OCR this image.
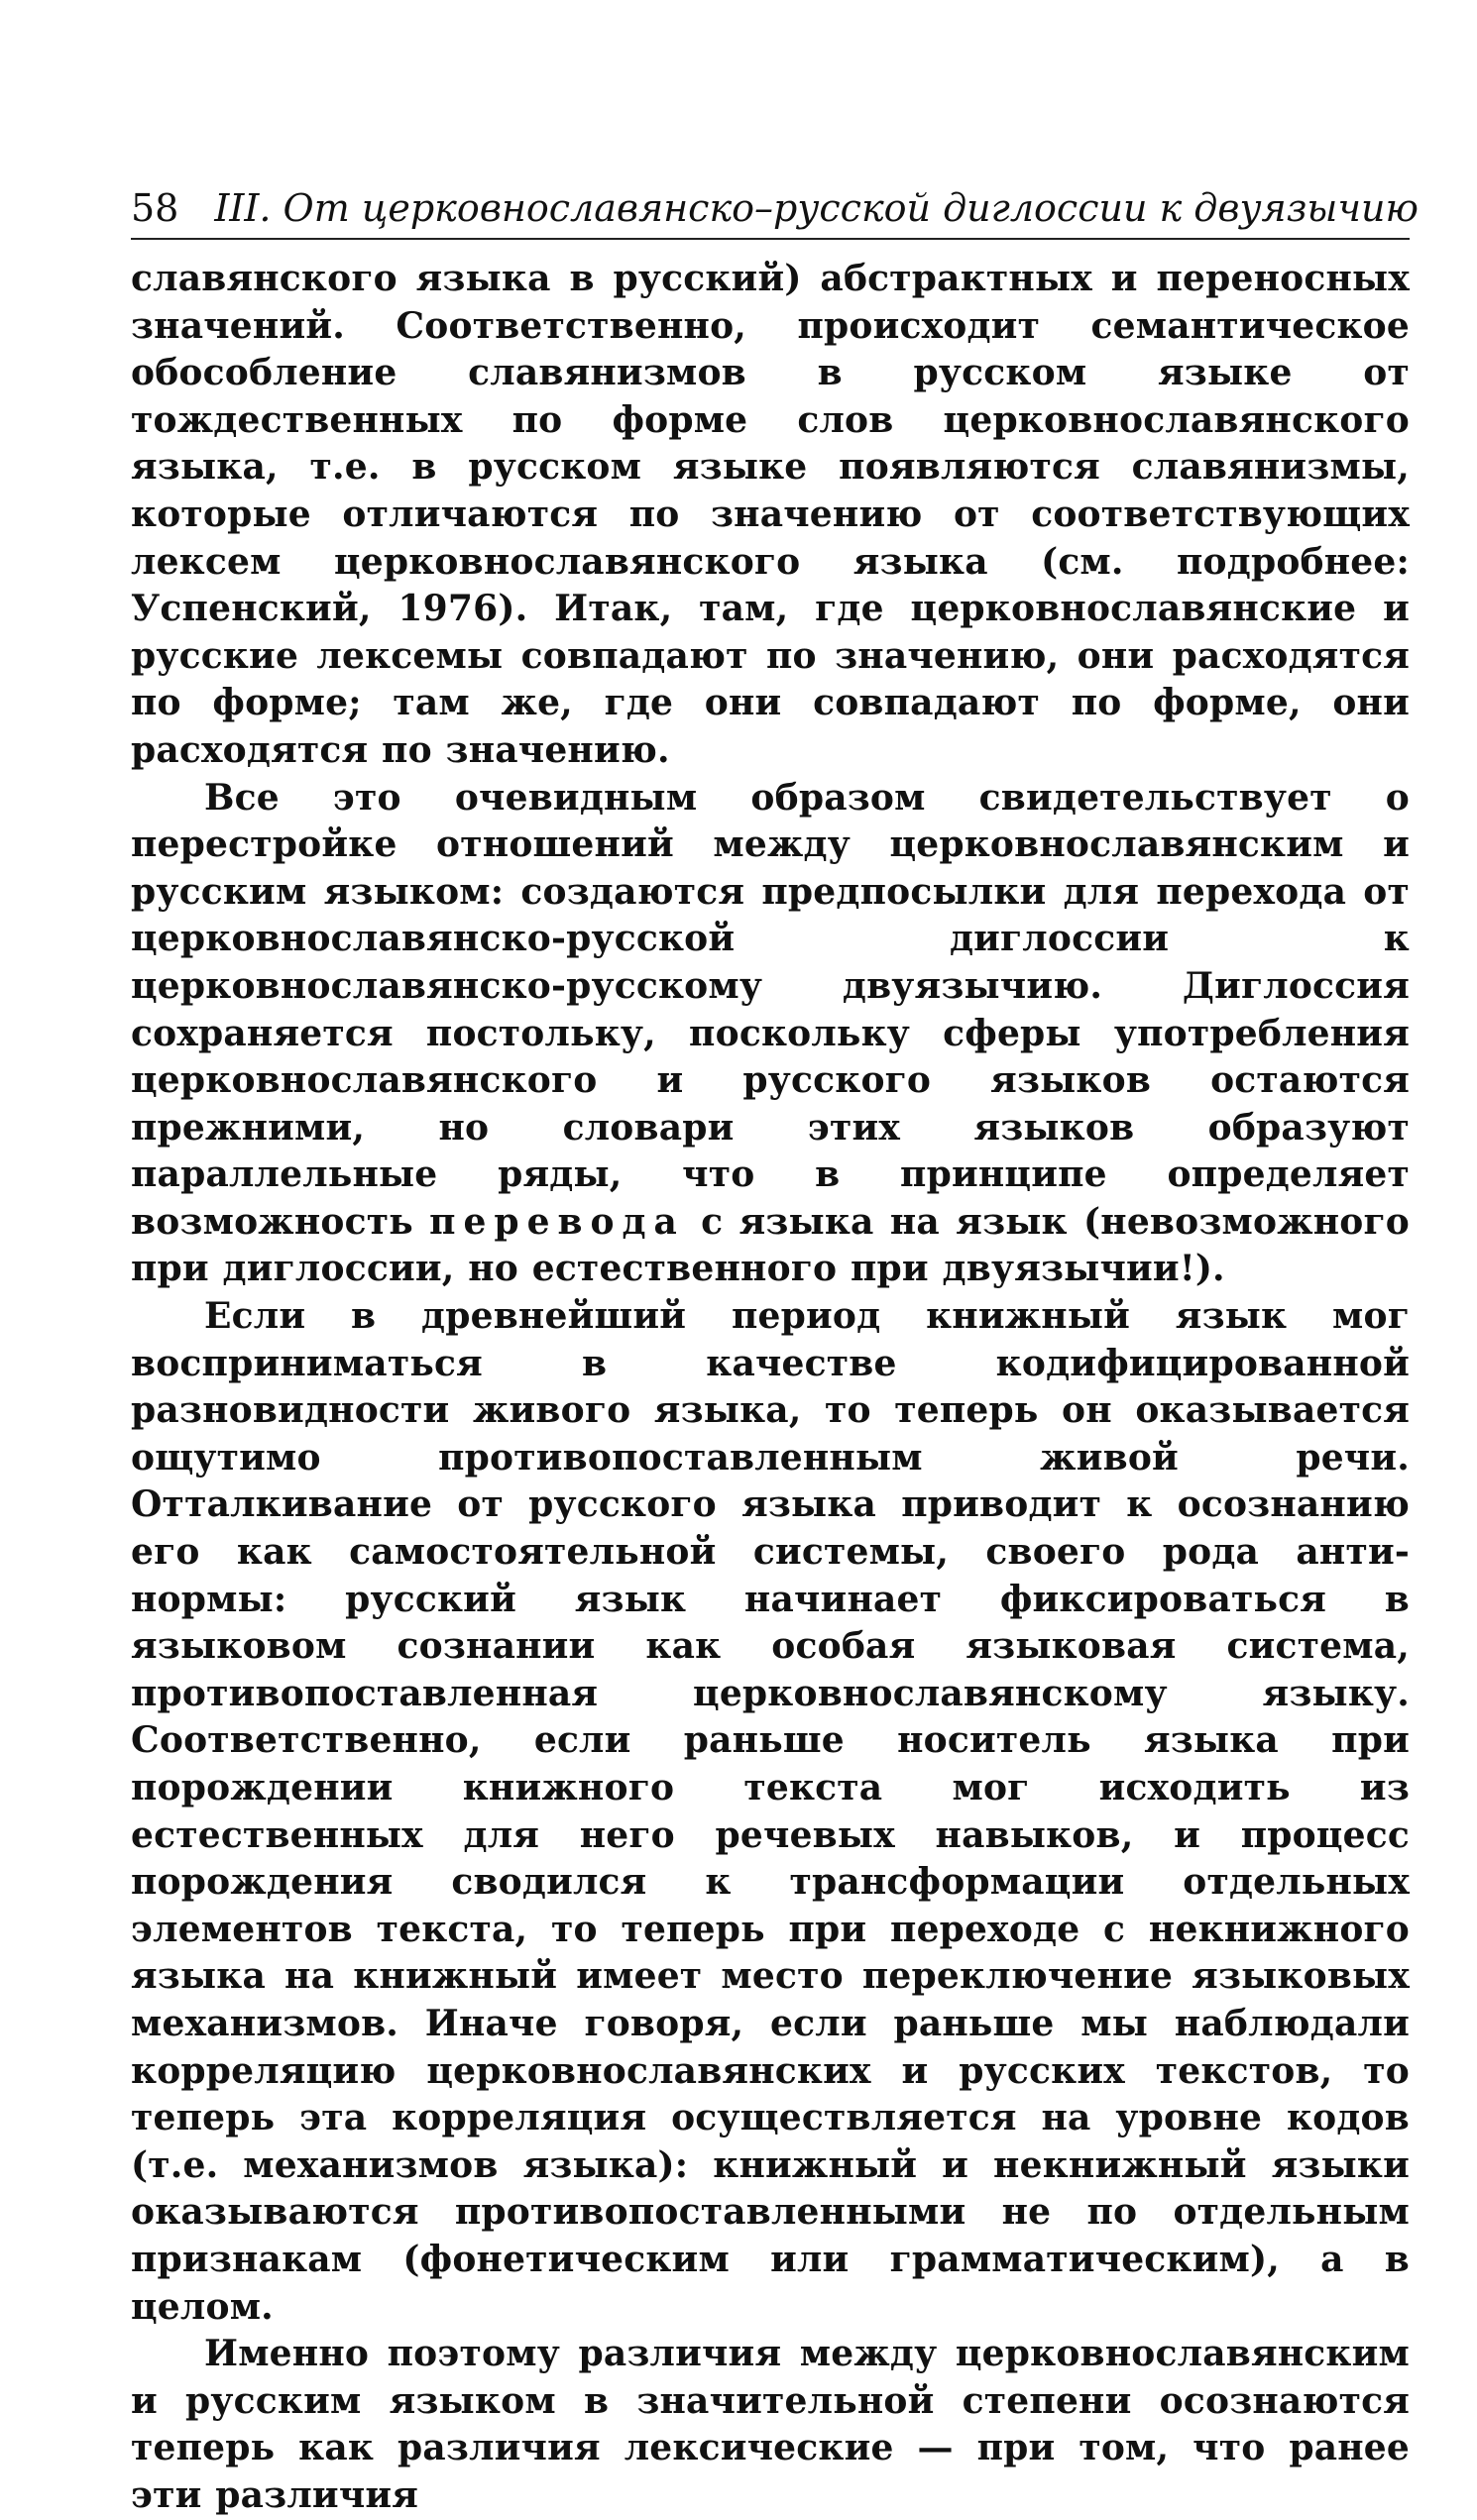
58 III. От церковнославянско–русской диглоссии к двуязычию

славянского языка в русский) абстрактных и переносных значений. Соответственно, происходит семантическое обособление славянизмов в русском языке от тождественных по форме слов церковнославянского языка, т.е. в русском языке появляются славянизмы, которые отличаются по значению от соответствующих лексем церковнославянского языка (см. подробнее: Успенский, 1976). Итак, там, где церковнославянские и русские лексемы совпадают по значению, они расходятся по форме; там же, где они совпадают по форме, они расходятся по значению.

Все это очевидным образом свидетельствует о перестройке отношений между церковнославянским и русским языком: создаются предпосылки для перехода от церковнославянско-русской диглоссии к церковнославянско-русскому двуязычию. Диглоссия сохраняется постольку, поскольку сферы употребления церковнославянского и русского языков остаются прежними, но словари этих языков образуют параллельные ряды, что в принципе определяет возможность перевода с языка на язык (невозможного при диглоссии, но естественного при двуязычии!).

Если в древнейший период книжный язык мог восприниматься в качестве кодифицированной разновидности живого языка, то теперь он оказывается ощутимо противопоставленным живой речи. Отталкивание от русского языка приводит к осознанию его как самостоятельной системы, своего рода анти-нормы: русский язык начинает фиксироваться в языковом сознании как особая языковая система, противопоставленная церковнославянскому языку. Соответственно, если раньше носитель языка при порождении книжного текста мог исходить из естественных для него речевых навыков, и процесс порождения сводился к трансформации отдельных элементов текста, то теперь при переходе с некнижного языка на книжный имеет место переключение языковых механизмов. Иначе говоря, если раньше мы наблюдали корреляцию церковнославянских и русских текстов, то теперь эта корреляция осуществляется на уровне кодов (т.е. механизмов языка): книжный и некнижный языки оказываются противопоставленными не по отдельным признакам (фонетическим или грамматическим), а в целом.

Именно поэтому различия между церковнославянским и русским языком в значительной степени осознаются теперь как различия лексические — при том, что ранее эти различия
